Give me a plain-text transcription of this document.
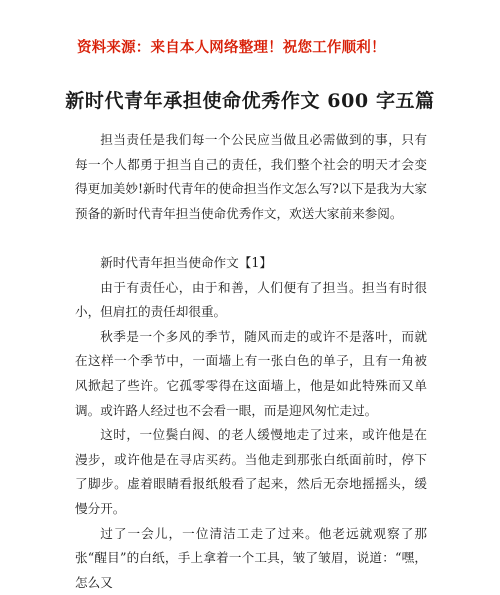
资料来源：来自本人网络整理！祝您工作顺利！
新时代青年承担使命优秀作文 600 字五篇

担当责任是我们每一个公民应当做且必需做到的事，只有每一个人都勇于担当自己的责任，我们整个社会的明天才会变得更加美妙!新时代青年的使命担当作文怎么写?以下是我为大家预备的新时代青年担当使命优秀作文，欢送大家前来参阅。

新时代青年担当使命作文【1】

由于有责任心，由于和善，人们便有了担当。担当有时很小，但肩扛的责任却很重。

秋季是一个多风的季节，随风而走的或许不是落叶，而就在这样一个季节中，一面墙上有一张白色的单子，且有一角被风掀起了些许。它孤零零得在这面墙上，他是如此特殊而又单调。或许路人经过也不会看一眼，而是迎风匆忙走过。

这时，一位鬓白阀、的老人缓慢地走了过来，或许他是在漫步，或许他是在寻店买药。当他走到那张白纸面前时，停下了脚步。虚着眼睛看报纸般看了起来，然后无奈地摇摇头，缓慢分开。

过了一会儿，一位清洁工走了过来。他老远就观察了那张“醒目”的白纸，手上拿着一个工具，皱了皱眉，说道：“嘿，怎么又
